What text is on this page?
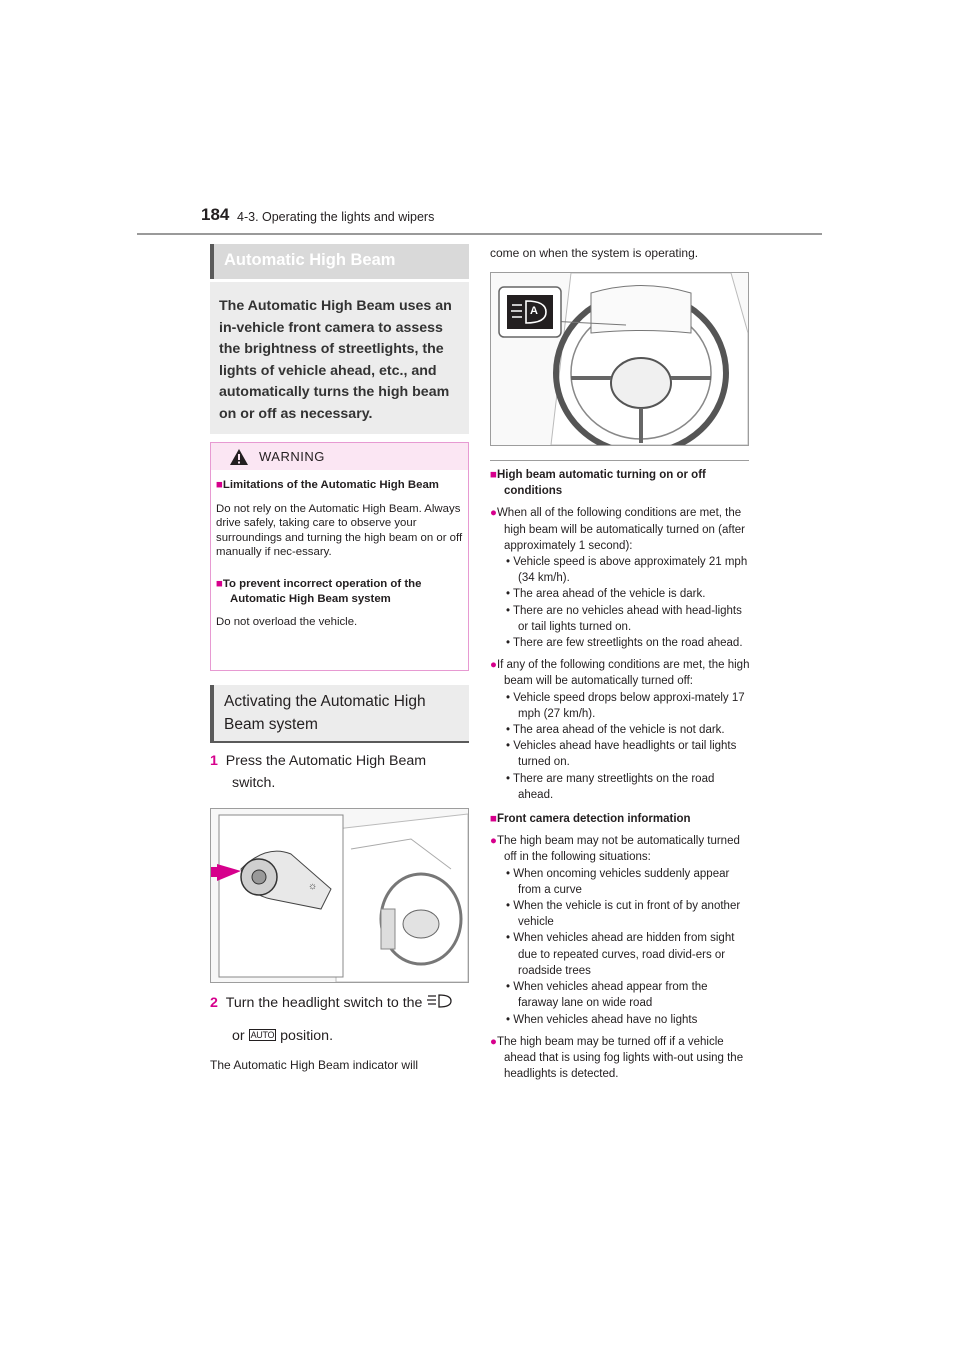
184 4-3. Operating the lights and wipers
Automatic High Beam
The Automatic High Beam uses an in-vehicle front camera to assess the brightness of streetlights, the lights of vehicle ahead, etc., and automatically turns the high beam on or off as necessary.
WARNING
■Limitations of the Automatic High Beam
Do not rely on the Automatic High Beam. Always drive safely, taking care to observe your surroundings and turning the high beam on or off manually if nec-essary.
■To prevent incorrect operation of the Automatic High Beam system
Do not overload the vehicle.
Activating the Automatic High Beam system
1 Press the Automatic High Beam switch.
☼
2 Turn the headlight switch to the
or AUTO position.
The Automatic High Beam indicator will
come on when the system is operating.
A
■High beam automatic turning on or off conditions
●When all of the following conditions are met, the high beam will be automatically turned on (after approximately 1 second):
• Vehicle speed is above approximately 21 mph (34 km/h).
• The area ahead of the vehicle is dark.
• There are no vehicles ahead with head-lights or tail lights turned on.
• There are few streetlights on the road ahead.
●If any of the following conditions are met, the high beam will be automatically turned off:
• Vehicle speed drops below approxi-mately 17 mph (27 km/h).
• The area ahead of the vehicle is not dark.
• Vehicles ahead have headlights or tail lights turned on.
• There are many streetlights on the road ahead.
■Front camera detection information
●The high beam may not be automatically turned off in the following situations:
• When oncoming vehicles suddenly appear from a curve
• When the vehicle is cut in front of by another vehicle
• When vehicles ahead are hidden from sight due to repeated curves, road divid-ers or roadside trees
• When vehicles ahead appear from the faraway lane on wide road
• When vehicles ahead have no lights
●The high beam may be turned off if a vehicle ahead that is using fog lights with-out using the headlights is detected.
